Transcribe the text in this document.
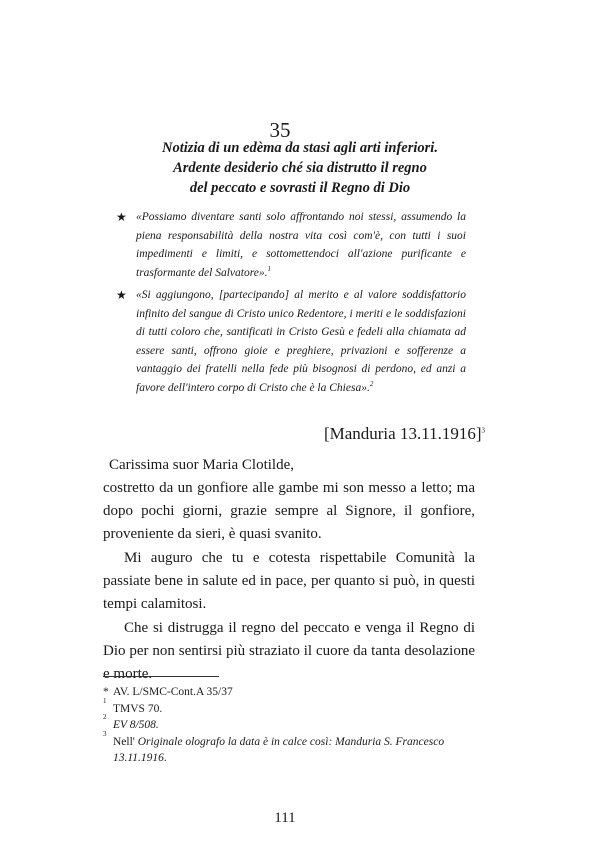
35
Notizia di un edèma da stasi agli arti inferiori.
Ardente desiderio ché sia distrutto il regno
del peccato e sovrasti il Regno di Dio
★ «Possiamo diventare santi solo affrontando noi stessi, assumendo la piena responsabilità della nostra vita così com'è, con tutti i suoi impedimenti e limiti, e sottomettendoci all'azione purificante e trasformante del Salvatore».$^1$
★ «Si aggiungono, [partecipando] al merito e al valore soddisfattorio infinito del sangue di Cristo unico Redentore, i meriti e le soddisfazioni di tutti coloro che, santificati in Cristo Gesù e fedeli alla chiamata ad essere santi, offrono gioie e preghiere, privazioni e sofferenze a vantaggio dei fratelli nella fede più bisognosi di perdono, ed anzi a favore dell'intero corpo di Cristo che è la Chiesa».$^2$
[Manduria 13.11.1916]$^3$

Carissima suor Maria Clotilde,

costretto da un gonfiore alle gambe mi son messo a letto; ma dopo pochi giorni, grazie sempre al Signore, il gonfiore, proveniente da sieri, è quasi svanito.

Mi auguro che tu e cotesta rispettabile Comunità la passiate bene in salute ed in pace, per quanto si può, in questi tempi calamitosi.

Che si distrugga il regno del peccato e venga il Regno di Dio per non sentirsi più straziato il cuore da tanta desolazione e morte.

* AV. L/SMC-Cont.A 35/37
1
TMVS 70.
2
EV 8/508.
3
Nell' Originale olografo la data è in calce così: Manduria S. Francesco 13.11.1916.
111
